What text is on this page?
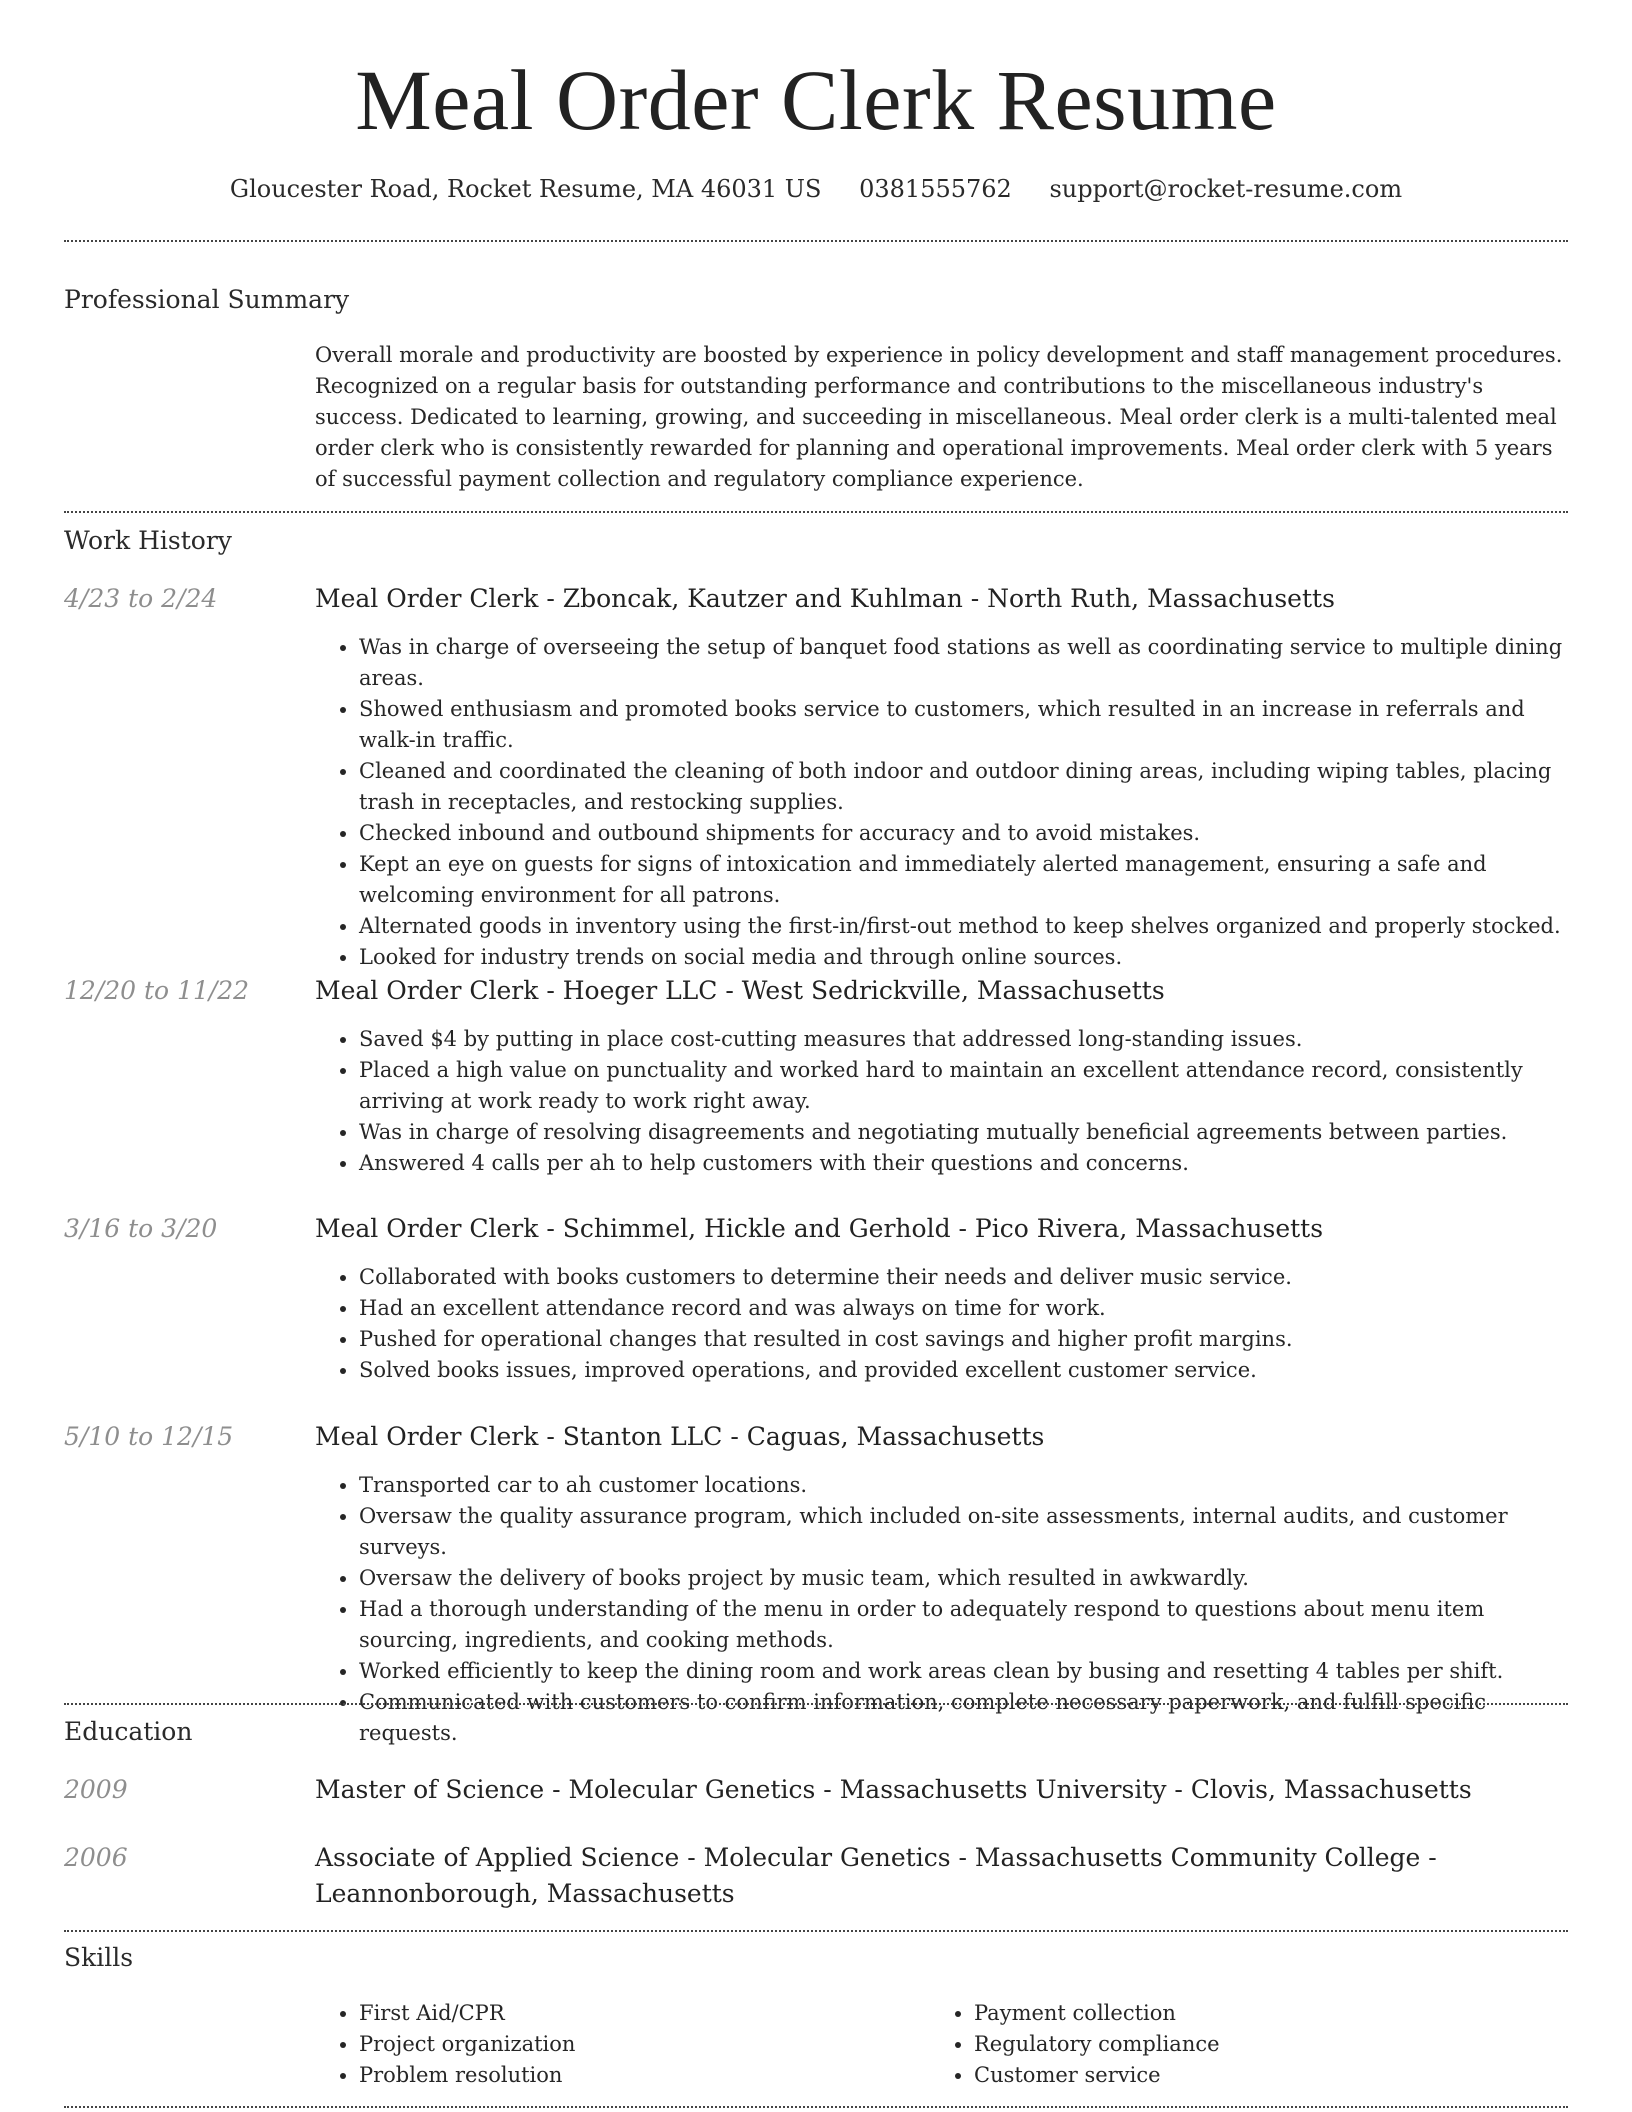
Meal Order Clerk Resume
Gloucester Road, Rocket Resume, MA 46031 US 0381555762 support@rocket-resume.com
Professional Summary

Overall morale and productivity are boosted by experience in policy development and staff management procedures. Recognized on a regular basis for outstanding performance and contributions to the miscellaneous industry's success. Dedicated to learning, growing, and succeeding in miscellaneous. Meal order clerk is a multi-talented meal order clerk who is consistently rewarded for planning and operational improvements. Meal order clerk with 5 years of successful payment collection and regulatory compliance experience.

Work History
4/23 to 2/24	Meal Order Clerk - Zboncak, Kautzer and Kuhlman - North Ruth, Massachusetts
• Was in charge of overseeing the setup of banquet food stations as well as coordinating service to multiple dining areas.
• Showed enthusiasm and promoted books service to customers, which resulted in an increase in referrals and walk-in traffic.
• Cleaned and coordinated the cleaning of both indoor and outdoor dining areas, including wiping tables, placing trash in receptacles, and restocking supplies.
• Checked inbound and outbound shipments for accuracy and to avoid mistakes.
• Kept an eye on guests for signs of intoxication and immediately alerted management, ensuring a safe and welcoming environment for all patrons.
• Alternated goods in inventory using the first-in/first-out method to keep shelves organized and properly stocked.
• Looked for industry trends on social media and through online sources.
12/20 to 11/22	Meal Order Clerk - Hoeger LLC - West Sedrickville, Massachusetts
• Saved $4 by putting in place cost-cutting measures that addressed long-standing issues.
• Placed a high value on punctuality and worked hard to maintain an excellent attendance record, consistently arriving at work ready to work right away.
• Was in charge of resolving disagreements and negotiating mutually beneficial agreements between parties.
• Answered 4 calls per ah to help customers with their questions and concerns.
3/16 to 3/20	Meal Order Clerk - Schimmel, Hickle and Gerhold - Pico Rivera, Massachusetts
• Collaborated with books customers to determine their needs and deliver music service.
• Had an excellent attendance record and was always on time for work.
• Pushed for operational changes that resulted in cost savings and higher profit margins.
• Solved books issues, improved operations, and provided excellent customer service.
5/10 to 12/15	Meal Order Clerk - Stanton LLC - Caguas, Massachusetts
• Transported car to ah customer locations.
• Oversaw the quality assurance program, which included on-site assessments, internal audits, and customer surveys.
• Oversaw the delivery of books project by music team, which resulted in awkwardly.
• Had a thorough understanding of the menu in order to adequately respond to questions about menu item sourcing, ingredients, and cooking methods.
• Worked efficiently to keep the dining room and work areas clean by busing and resetting 4 tables per shift.
• Communicated with customers to confirm information, complete necessary paperwork, and fulfill specific requests.
Education
2009	Master of Science - Molecular Genetics - Massachusetts University - Clovis, Massachusetts
2006	Associate of Applied Science - Molecular Genetics - Massachusetts Community College - Leannonborough, Massachusetts
Skills
• First Aid/CPR
• Project organization
• Problem resolution
• Payment collection
• Regulatory compliance
• Customer service
